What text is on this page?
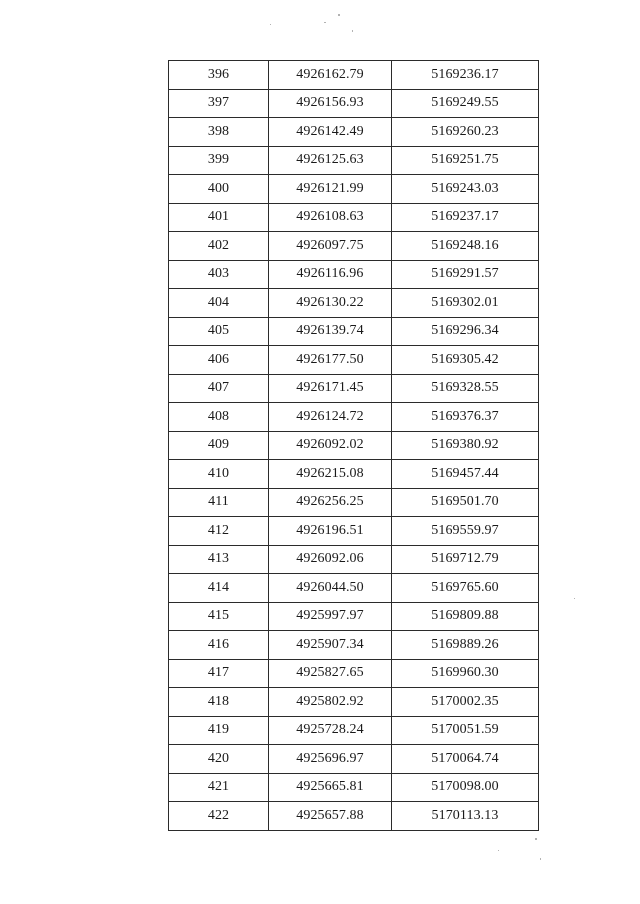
396	4926162.79	5169236.17
397	4926156.93	5169249.55
398	4926142.49	5169260.23
399	4926125.63	5169251.75
400	4926121.99	5169243.03
401	4926108.63	5169237.17
402	4926097.75	5169248.16
403	4926116.96	5169291.57
404	4926130.22	5169302.01
405	4926139.74	5169296.34
406	4926177.50	5169305.42
407	4926171.45	5169328.55
408	4926124.72	5169376.37
409	4926092.02	5169380.92
410	4926215.08	5169457.44
411	4926256.25	5169501.70
412	4926196.51	5169559.97
413	4926092.06	5169712.79
414	4926044.50	5169765.60
415	4925997.97	5169809.88
416	4925907.34	5169889.26
417	4925827.65	5169960.30
418	4925802.92	5170002.35
419	4925728.24	5170051.59
420	4925696.97	5170064.74
421	4925665.81	5170098.00
422	4925657.88	5170113.13
